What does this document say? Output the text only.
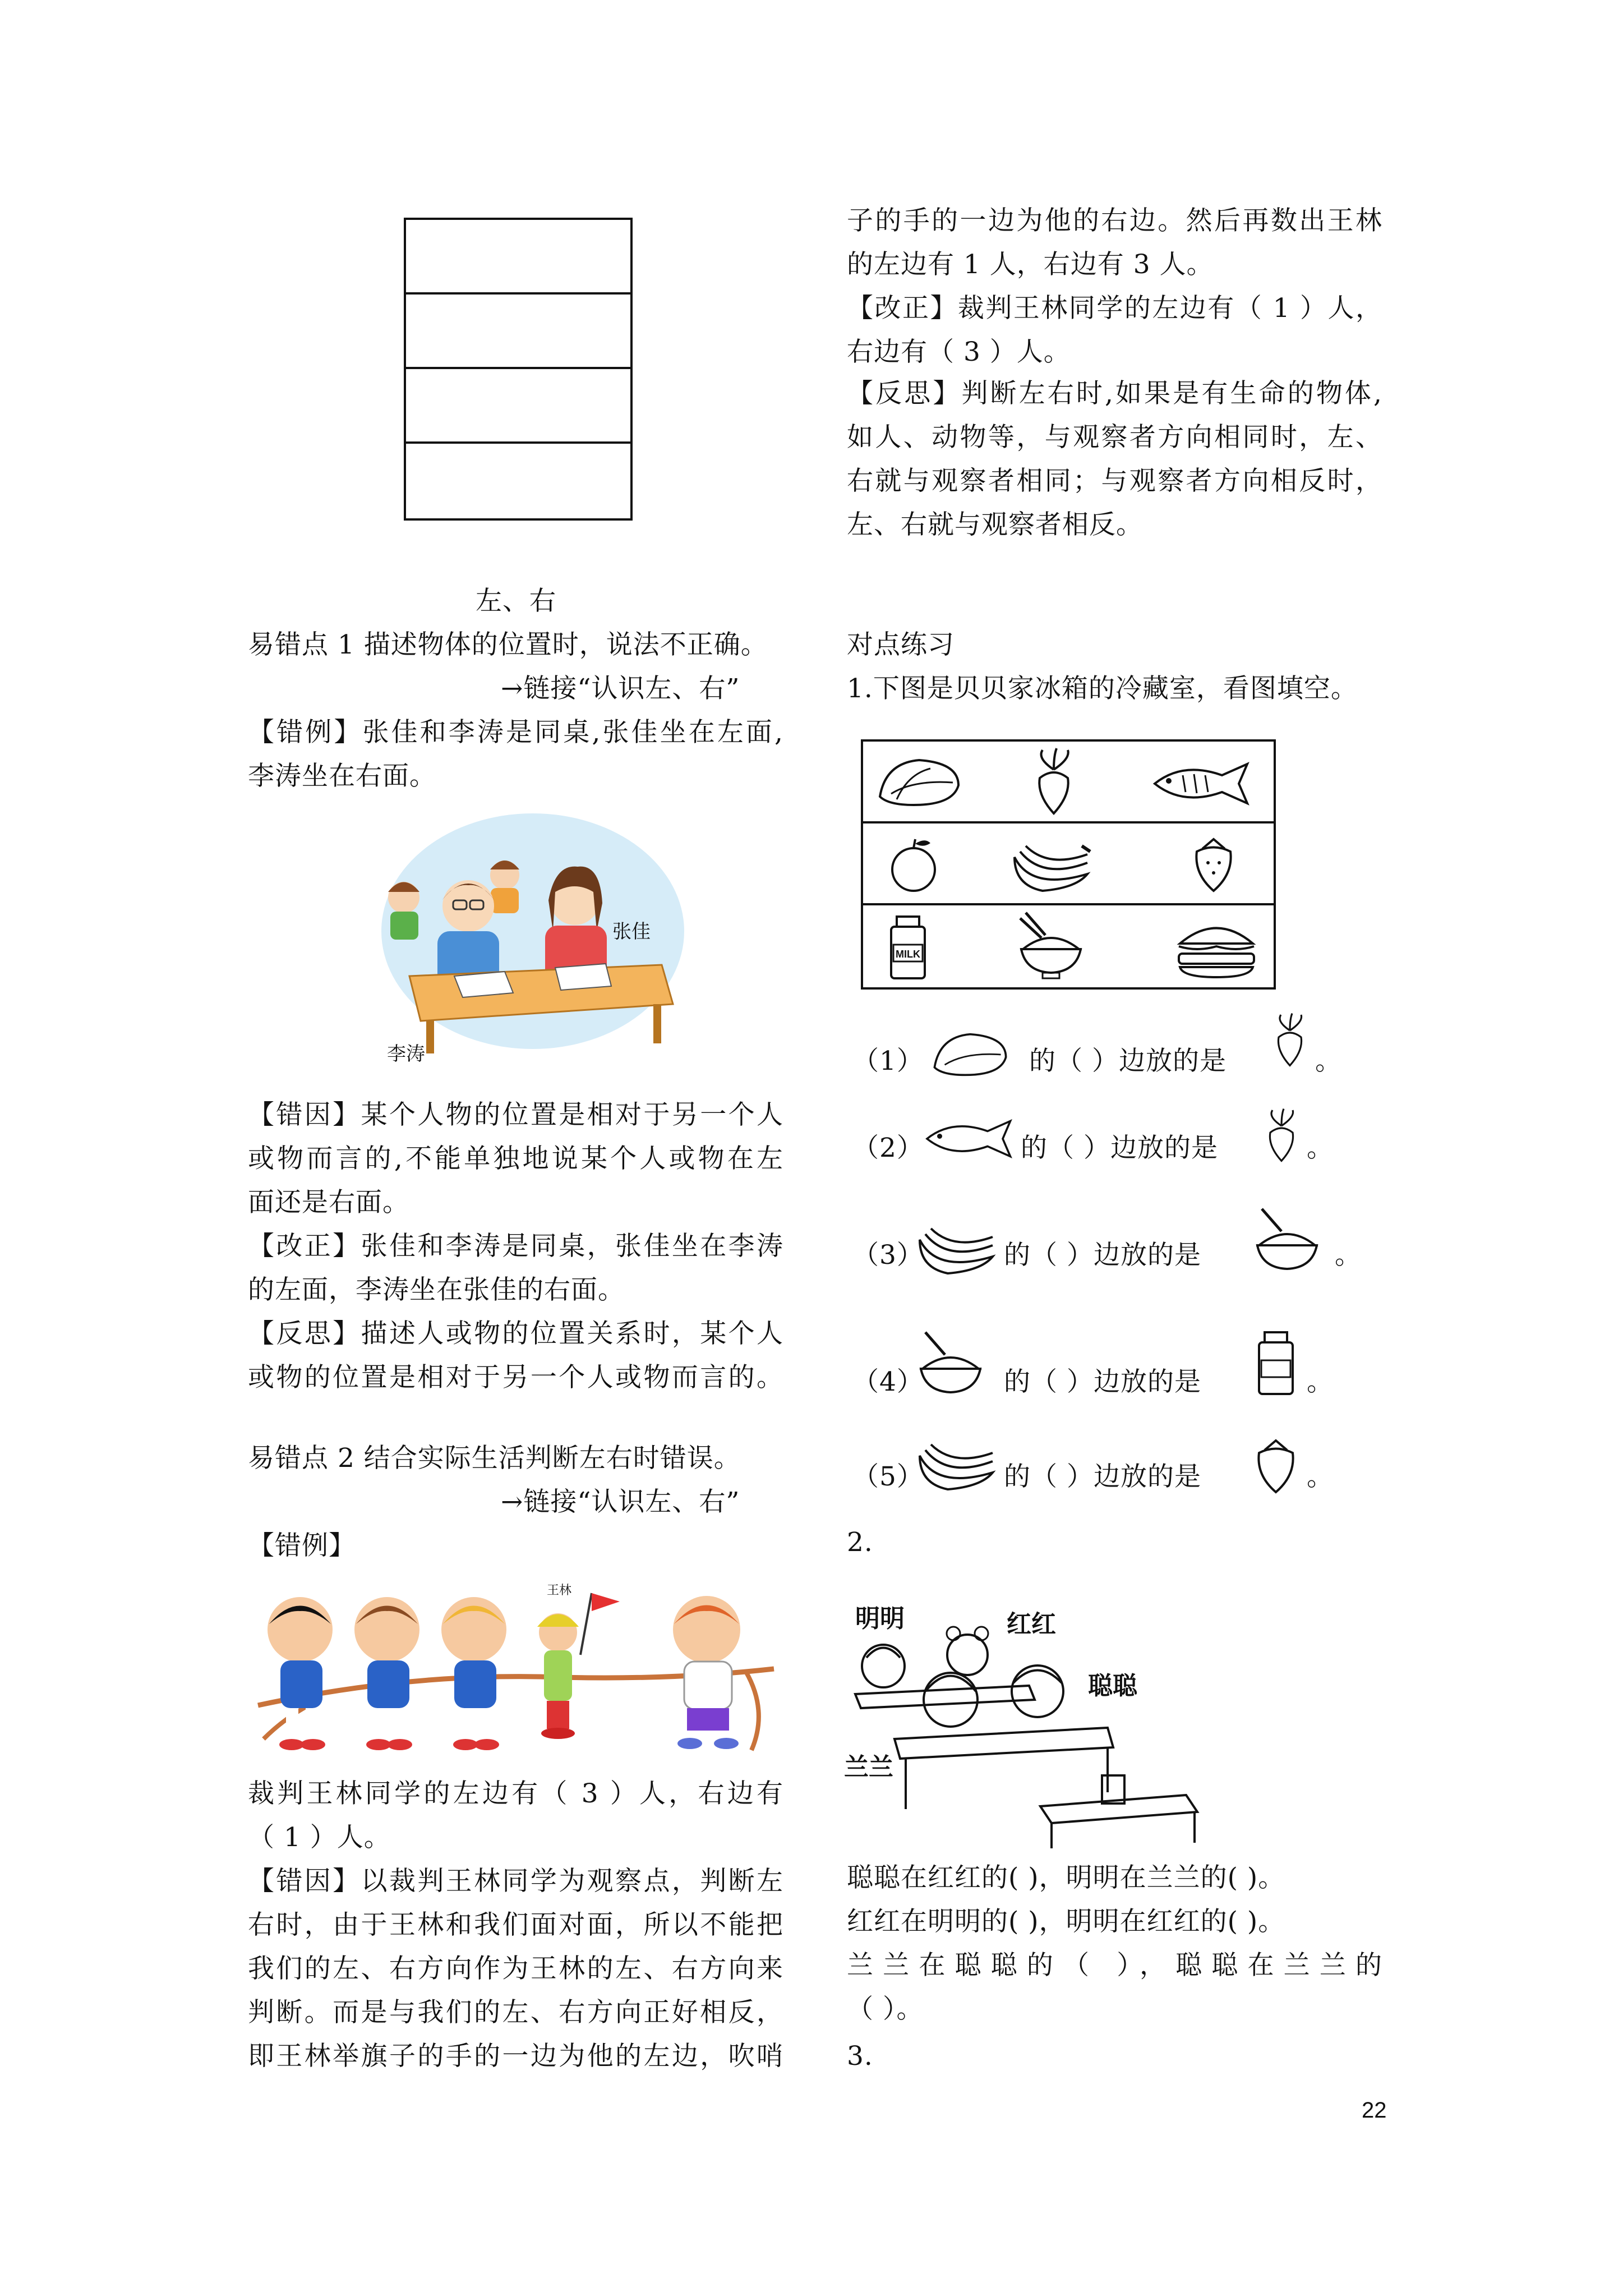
左、右
易错点 1 描述物体的位置时，说法不正确。
→链接“认识左、右”
【错例】张佳和李涛是同桌,张佳坐在左面,
李涛坐在右面。
张佳
李涛
【错因】某个人物的位置是相对于另一个人
或物而言的,不能单独地说某个人或物在左
面还是右面。
【改正】张佳和李涛是同桌，张佳坐在李涛
的左面，李涛坐在张佳的右面。
【反思】描述人或物的位置关系时，某个人
或物的位置是相对于另一个人或物而言的。
易错点 2 结合实际生活判断左右时错误。
→链接“认识左、右”
【错例】
王林
裁判王林同学的左边有（ 3 ）人，右边有
（ 1 ）人。
【错因】以裁判王林同学为观察点，判断左
右时，由于王林和我们面对面，所以不能把
我们的左、右方向作为王林的左、右方向来
判断。而是与我们的左、右方向正好相反，
即王林举旗子的手的一边为他的左边，吹哨
子的手的一边为他的右边。然后再数出王林
的左边有 1 人，右边有 3 人。
【改正】裁判王林同学的左边有（ 1 ）人，
右边有（ 3 ）人。
【反思】判断左右时,如果是有生命的物体,
如人、动物等，与观察者方向相同时，左、
右就与观察者相同；与观察者方向相反时，
左、右就与观察者相反。
对点练习
1.下图是贝贝家冰箱的冷藏室，看图填空。
MILK
（1）	的（ ）边放的是	。
（2）	的（ ）边放的是	。
（3）	的（ ）边放的是	。
（4）	的（ ）边放的是	。
（5）	的（ ）边放的是	。
2.
明明	红红
聪聪
兰兰
聪聪在红红的( )，明明在兰兰的( )。
红红在明明的( )，明明在红红的( )。
兰兰在聪聪的（ ），聪聪在兰兰的
（ ）。
3.
22
